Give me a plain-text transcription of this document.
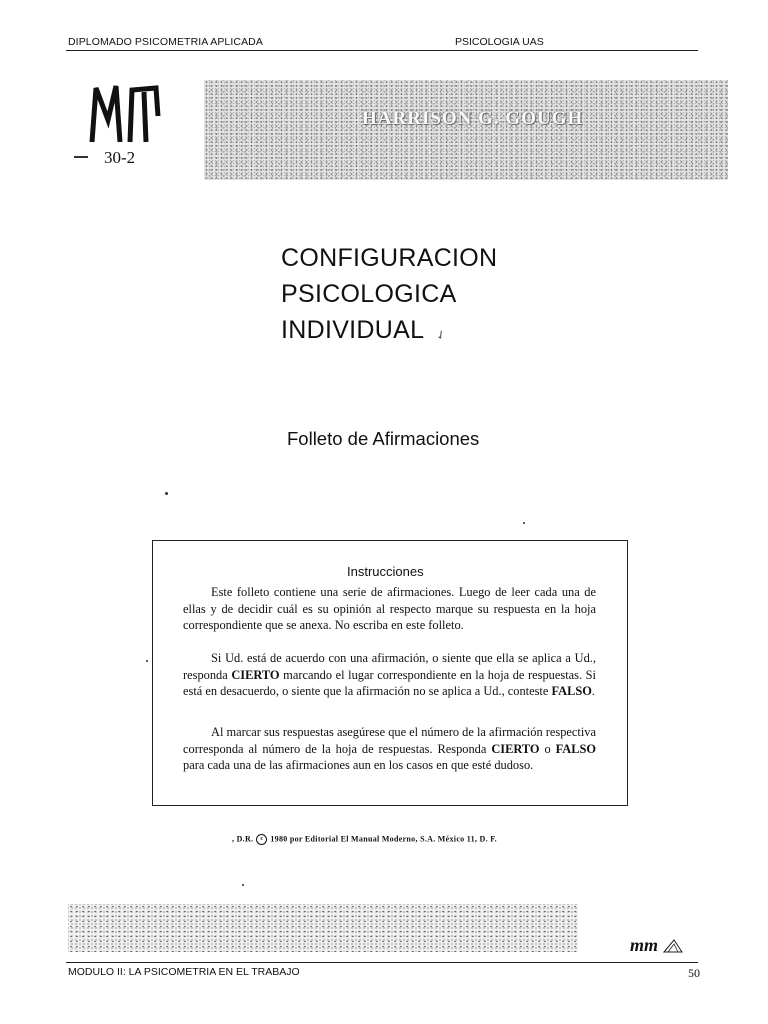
DIPLOMADO PSICOMETRIA APLICADA	PSICOLOGIA UAS
30-2
HARRISON G. GOUGH
CONFIGURACION
PSICOLOGICA
INDIVIDUAL ✓
Folleto de Afirmaciones
Instrucciones
Este folleto contiene una serie de afirmaciones. Luego de leer cada una de ellas y de decidir cuál es su opinión al respecto marque su respuesta en la hoja correspondiente que se anexa. No escriba en este folleto.
Si Ud. está de acuerdo con una afirmación, o siente que ella se aplica a Ud., responda CIERTO marcando el lugar correspondiente en la hoja de respuestas. Si está en desacuerdo, o siente que la afirmación no se aplica a Ud., conteste FALSO.
Al marcar sus respuestas asegúrese que el número de la afirmación respectiva corresponda al número de la hoja de respuestas. Responda CIERTO o FALSO para cada una de las afirmaciones aun en los casos en que esté dudoso.
, D.R. c 1980 por Editorial El Manual Moderno, S.A. México 11, D. F.
mm
MODULO II: LA PSICOMETRIA EN EL TRABAJO	50
